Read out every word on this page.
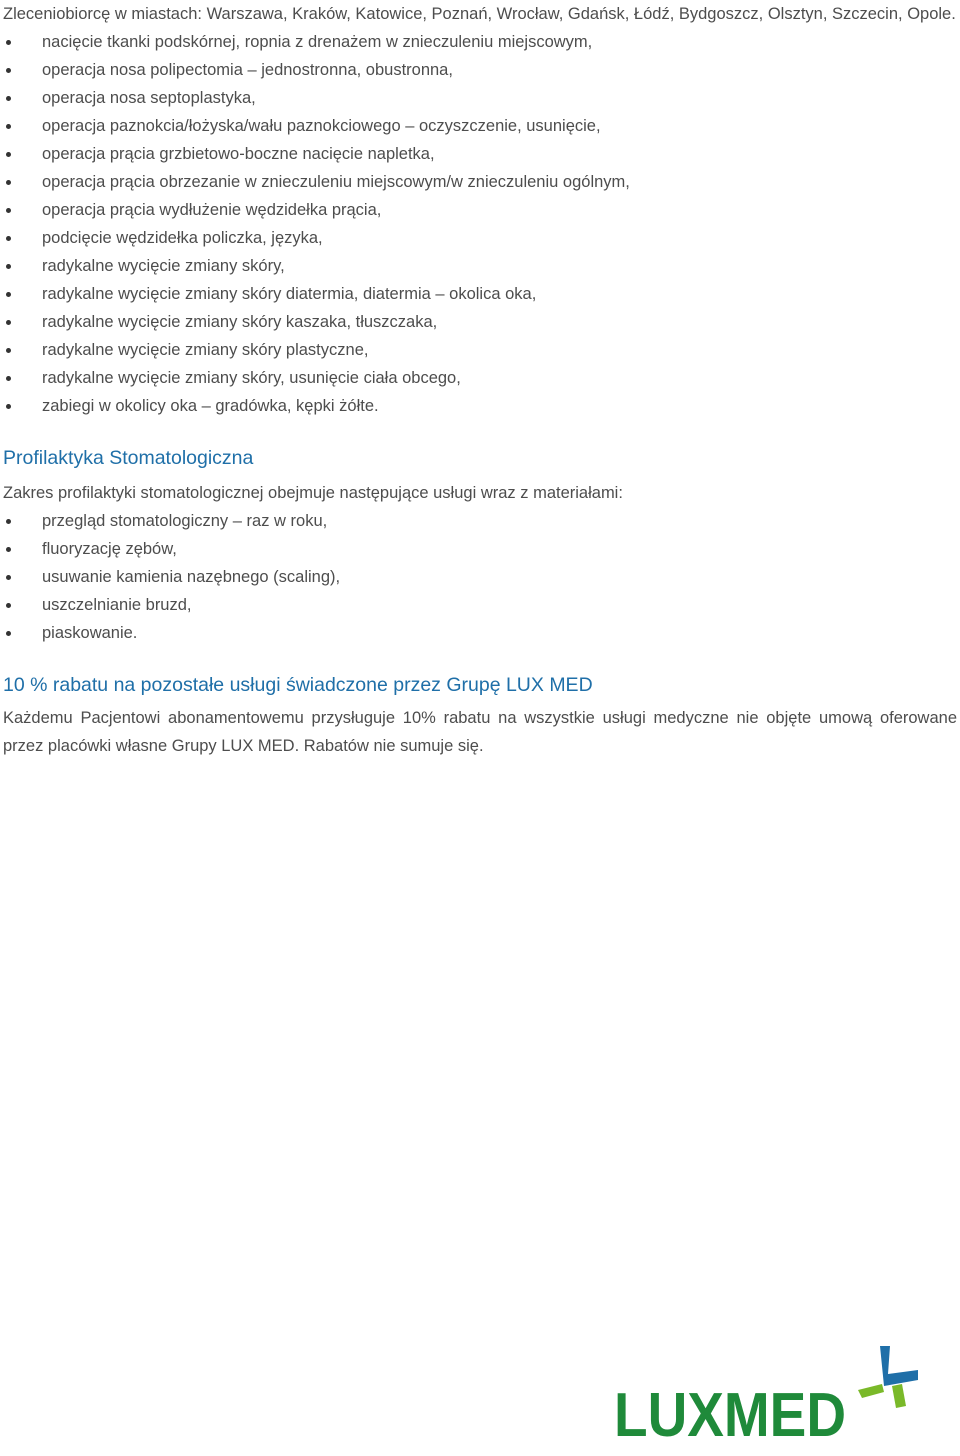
Zleceniobiorcę w miastach: Warszawa, Kraków, Katowice, Poznań, Wrocław, Gdańsk, Łódź, Bydgoszcz, Olsztyn, Szczecin, Opole.

nacięcie tkanki podskórnej, ropnia z drenażem w znieczuleniu miejscowym,
operacja nosa polipectomia – jednostronna, obustronna,
operacja nosa septoplastyka,
operacja paznokcia/łożyska/wału paznokciowego – oczyszczenie, usunięcie,
operacja prącia grzbietowo-boczne nacięcie napletka,
operacja prącia obrzezanie w znieczuleniu miejscowym/w znieczuleniu ogólnym,
operacja prącia wydłużenie wędzidełka prącia,
podcięcie wędzidełka policzka, języka,
radykalne wycięcie zmiany skóry,
radykalne wycięcie zmiany skóry diatermia, diatermia – okolica oka,
radykalne wycięcie zmiany skóry kaszaka, tłuszczaka,
radykalne wycięcie zmiany skóry plastyczne,
radykalne wycięcie zmiany skóry, usunięcie ciała obcego,
zabiegi w okolicy oka – gradówka, kępki żółte.
Profilaktyka Stomatologiczna

Zakres profilaktyki stomatologicznej obejmuje następujące usługi wraz z materiałami:

przegląd stomatologiczny – raz w roku,
fluoryzację zębów,
usuwanie kamienia nazębnego (scaling),
uszczelnianie bruzd,
piaskowanie.
10 % rabatu na pozostałe usługi świadczone przez Grupę LUX MED

Każdemu Pacjentowi abonamentowemu przysługuje 10% rabatu na wszystkie usługi medyczne nie objęte umową oferowane przez placówki własne Grupy LUX MED. Rabatów nie sumuje się.

LUXMED
